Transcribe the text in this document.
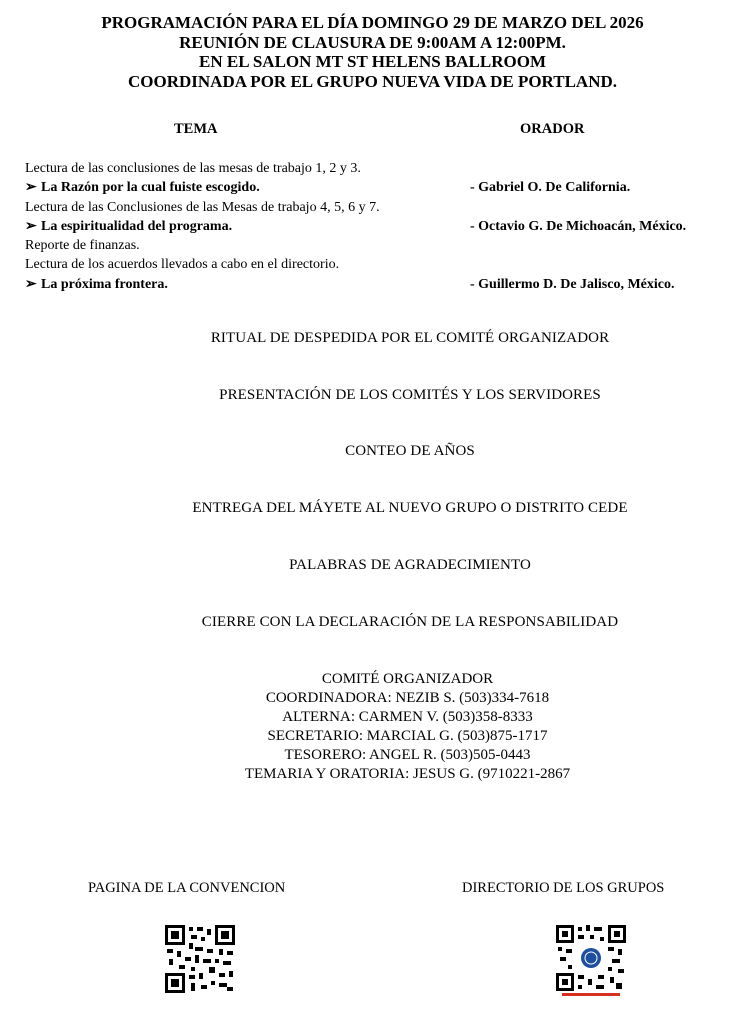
PROGRAMACIÓN PARA EL DÍA DOMINGO 29 DE MARZO DEL 2026
REUNIÓN DE CLAUSURA DE 9:00AM A 12:00PM.
EN EL SALON MT ST HELENS BALLROOM
COORDINADA POR EL GRUPO NUEVA VIDA DE PORTLAND.
TEMA	ORADOR
Lectura de las conclusiones de las mesas de trabajo 1, 2 y 3.
➢ La Razón por la cual fuiste escogido.	- Gabriel O. De California.
Lectura de las Conclusiones de las Mesas de trabajo 4, 5, 6 y 7.
➢ La espiritualidad del programa.	- Octavio G. De Michoacán, México.
Reporte de finanzas.
Lectura de los acuerdos llevados a cabo en el directorio.
➢ La próxima frontera.	- Guillermo D. De Jalisco, México.
RITUAL DE DESPEDIDA POR EL COMITÉ ORGANIZADOR
PRESENTACIÓN DE LOS COMITÉS Y LOS SERVIDORES
CONTEO DE AÑOS
ENTREGA DEL MÁYETE AL NUEVO GRUPO O DISTRITO CEDE
PALABRAS DE AGRADECIMIENTO
CIERRE CON LA DECLARACIÓN DE LA RESPONSABILIDAD
COMITÉ ORGANIZADOR
COORDINADORA: NEZIB S. (503)334-7618
ALTERNA: CARMEN V. (503)358-8333
SECRETARIO: MARCIAL G. (503)875-1717
TESORERO: ANGEL R. (503)505-0443
TEMARIA Y ORATORIA: JESUS G. (9710221-2867
PAGINA DE LA CONVENCION	DIRECTORIO DE LOS GRUPOS
